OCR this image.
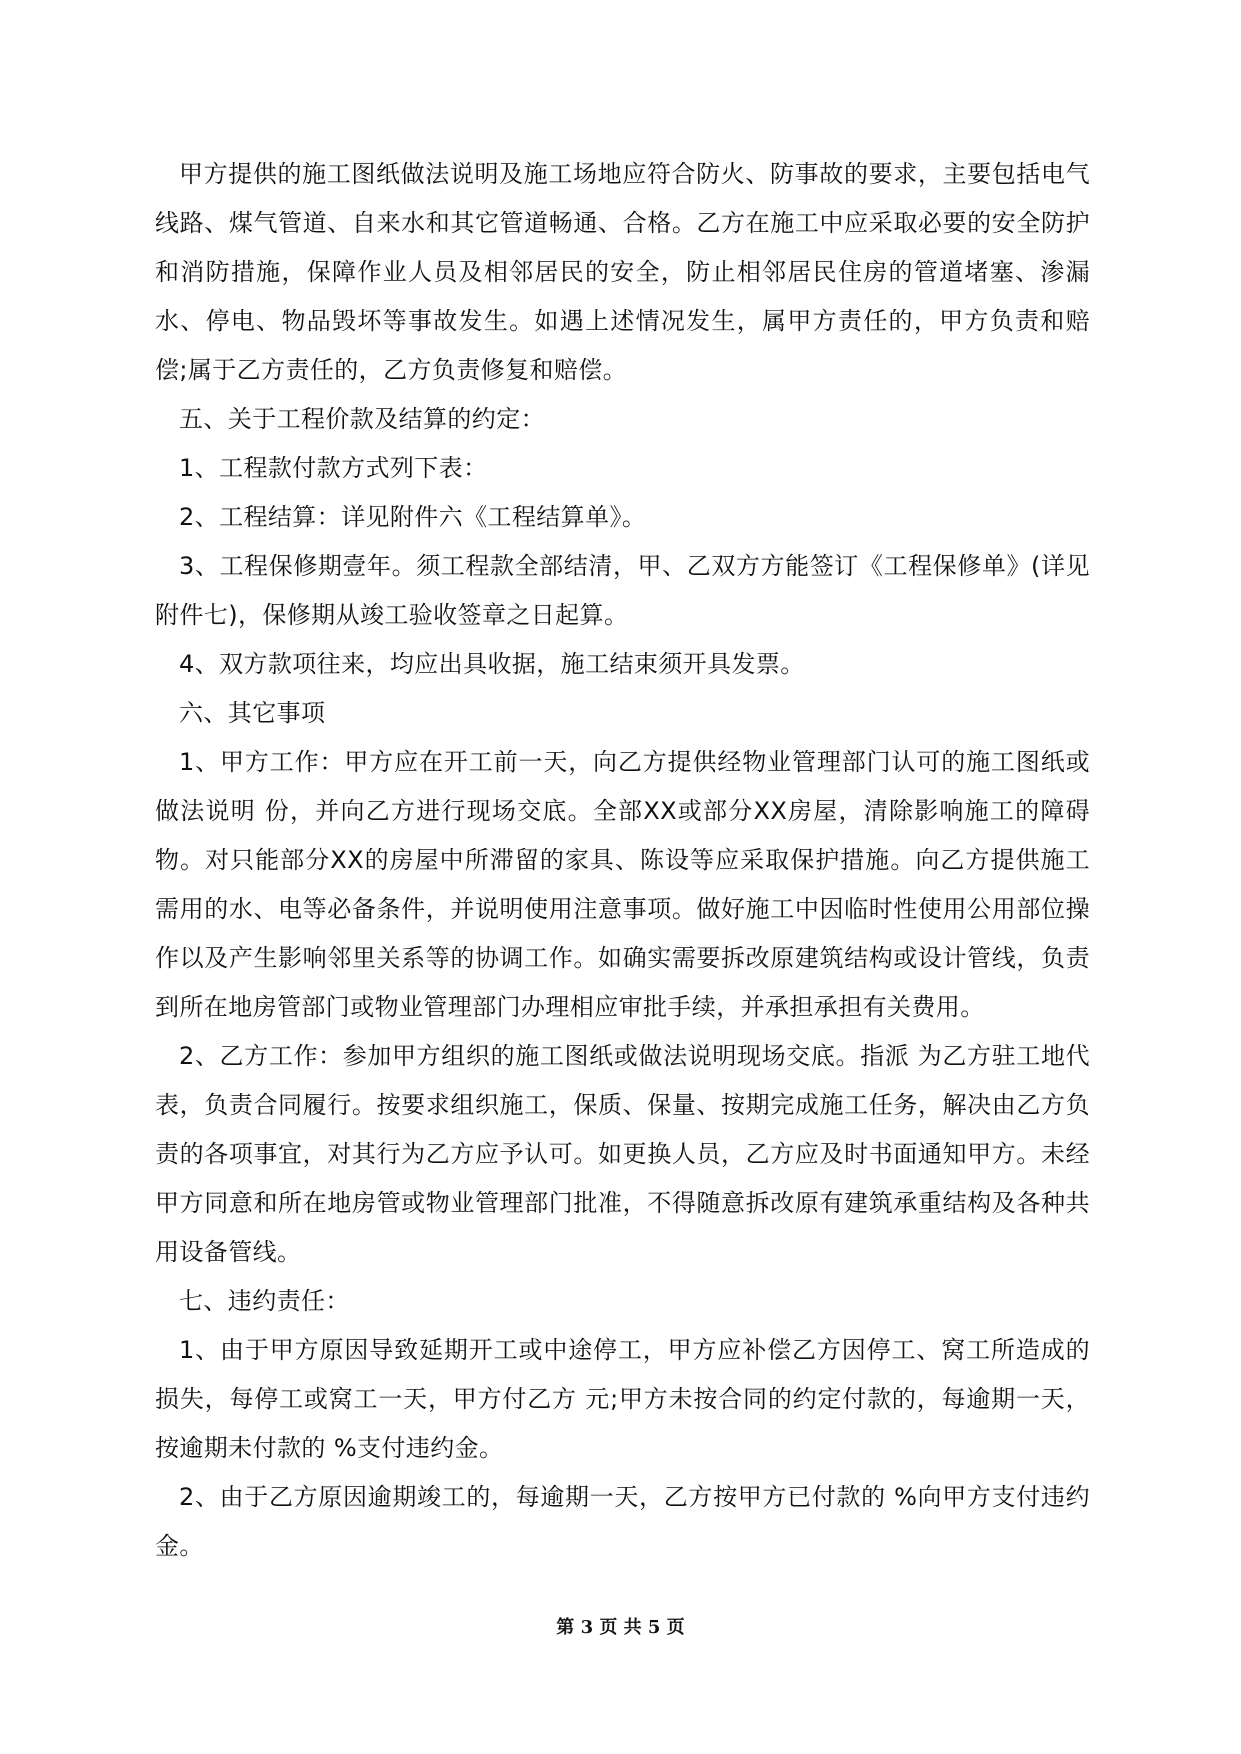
甲方提供的施工图纸做法说明及施工场地应符合防火、防事故的要求，主要包括电气线路、煤气管道、自来水和其它管道畅通、合格。乙方在施工中应采取必要的安全防护和消防措施，保障作业人员及相邻居民的安全，防止相邻居民住房的管道堵塞、渗漏水、停电、物品毁坏等事故发生。如遇上述情况发生，属甲方责任的，甲方负责和赔偿;属于乙方责任的，乙方负责修复和赔偿。

五、关于工程价款及结算的约定：

1、工程款付款方式列下表：

2、工程结算：详见附件六《工程结算单》。

3、工程保修期壹年。须工程款全部结清，甲、乙双方方能签订《工程保修单》(详见附件七)，保修期从竣工验收签章之日起算。

4、双方款项往来，均应出具收据，施工结束须开具发票。

六、其它事项

1、甲方工作：甲方应在开工前一天，向乙方提供经物业管理部门认可的施工图纸或做法说明 份，并向乙方进行现场交底。全部XX或部分XX房屋，清除影响施工的障碍物。对只能部分XX的房屋中所滞留的家具、陈设等应采取保护措施。向乙方提供施工需用的水、电等必备条件，并说明使用注意事项。做好施工中因临时性使用公用部位操作以及产生影响邻里关系等的协调工作。如确实需要拆改原建筑结构或设计管线，负责到所在地房管部门或物业管理部门办理相应审批手续，并承担承担有关费用。

2、乙方工作：参加甲方组织的施工图纸或做法说明现场交底。指派 为乙方驻工地代表，负责合同履行。按要求组织施工，保质、保量、按期完成施工任务，解决由乙方负责的各项事宜，对其行为乙方应予认可。如更换人员，乙方应及时书面通知甲方。未经甲方同意和所在地房管或物业管理部门批准，不得随意拆改原有建筑承重结构及各种共用设备管线。

七、违约责任：

1、由于甲方原因导致延期开工或中途停工，甲方应补偿乙方因停工、窝工所造成的损失，每停工或窝工一天，甲方付乙方 元;甲方未按合同的约定付款的，每逾期一天，按逾期未付款的 %支付违约金。

2、由于乙方原因逾期竣工的，每逾期一天，乙方按甲方已付款的 %向甲方支付违约金。

第 3 页 共 5 页
